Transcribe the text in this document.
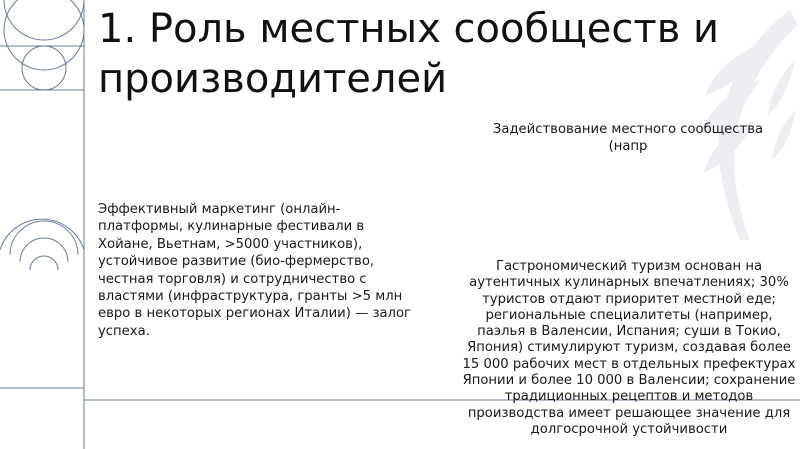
1. Роль местных сообществ и производителей

Задействование местного сообщества (напр

Эффективный маркетинг (онлайн-платформы, кулинарные фестивали в Хойане, Вьетнам, >5000 участников), устойчивое развитие (био-фермерство, честная торговля) и сотрудничество с властями (инфраструктура, гранты >5 млн евро в некоторых регионах Италии) — залог успеха.

Гастрономический туризм основан на аутентичных кулинарных впечатлениях; 30% туристов отдают приоритет местной еде; региональные специалитеты (например, паэлья в Валенсии, Испания; суши в Токио, Япония) стимулируют туризм, создавая более 15 000 рабочих мест в отдельных префектурах Японии и более 10 000 в Валенсии; сохранение традиционных рецептов и методов производства имеет решающее значение для долгосрочной устойчивости
